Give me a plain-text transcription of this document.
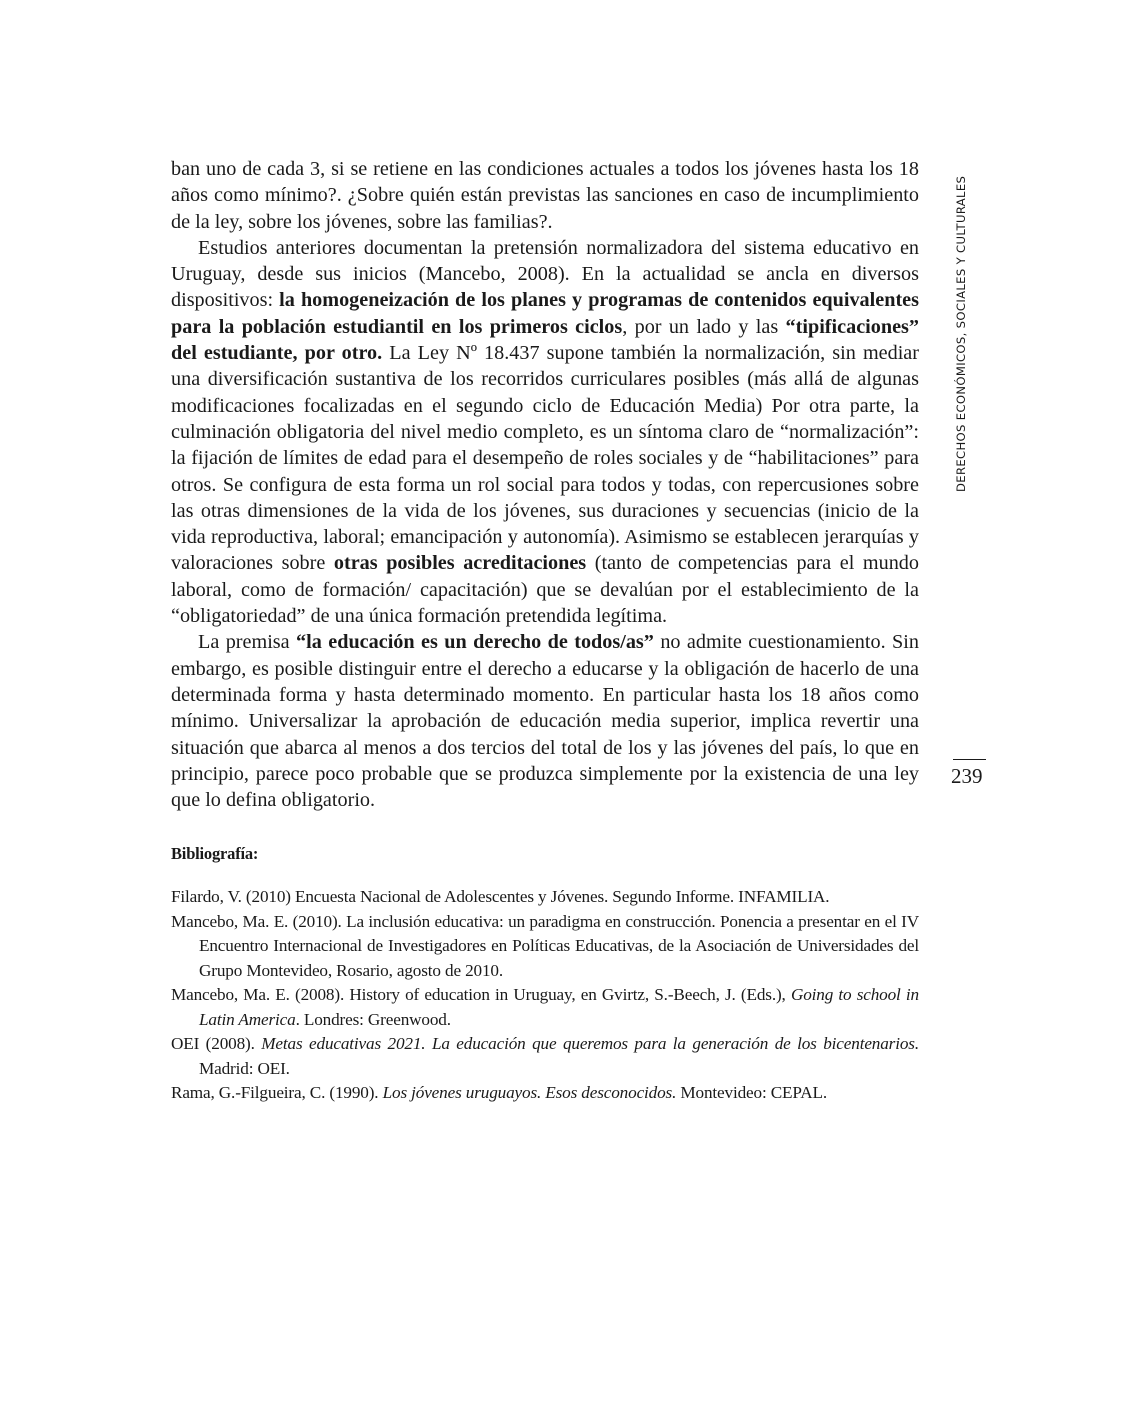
ban uno de cada 3, si se retiene en las condiciones actuales a todos los jóvenes hasta los 18 años como mínimo?. ¿Sobre quién están previstas las sanciones en caso de incumplimiento de la ley, sobre los jóvenes, sobre las familias?.

Estudios anteriores documentan la pretensión normalizadora del sistema educativo en Uruguay, desde sus inicios (Mancebo, 2008). En la actualidad se ancla en diversos dispositivos: la homogeneización de los planes y programas de contenidos equivalentes para la población estudiantil en los primeros ciclos, por un lado y las “tipificaciones” del estudiante, por otro. La Ley Nº 18.437 supone también la normalización, sin mediar una diversificación sustantiva de los recorridos curriculares posibles (más allá de algunas modificaciones focalizadas en el segundo ciclo de Educación Media) Por otra parte, la culminación obligatoria del nivel medio completo, es un síntoma claro de “normalización”: la fijación de límites de edad para el desempeño de roles sociales y de “habilitaciones” para otros. Se configura de esta forma un rol social para todos y todas, con repercusiones sobre las otras dimensiones de la vida de los jóvenes, sus duraciones y secuencias (inicio de la vida reproductiva, laboral; emancipación y autonomía). Asimismo se establecen jerarquías y valoraciones sobre otras posibles acreditaciones (tanto de competencias para el mundo laboral, como de formación/ capacitación) que se devalúan por el establecimiento de la “obligatoriedad” de una única formación pretendida legítima.

La premisa “la educación es un derecho de todos/as” no admite cuestionamiento. Sin embargo, es posible distinguir entre el derecho a educarse y la obligación de hacerlo de una determinada forma y hasta determinado momento. En particular hasta los 18 años como mínimo. Universalizar la aprobación de educación media superior, implica revertir una situación que abarca al menos a dos tercios del total de los y las jóvenes del país, lo que en principio, parece poco probable que se produzca simplemente por la existencia de una ley que lo defina obligatorio.

Bibliografía:
Filardo, V. (2010) Encuesta Nacional de Adolescentes y Jóvenes. Segundo Informe. INFAMILIA.
Mancebo, Ma. E. (2010). La inclusión educativa: un paradigma en construcción. Ponencia a presentar en el IV Encuentro Internacional de Investigadores en Políticas Educativas, de la Asociación de Universidades del Grupo Montevideo, Rosario, agosto de 2010.
Mancebo, Ma. E. (2008). History of education in Uruguay, en Gvirtz, S.-Beech, J. (Eds.), Going to school in Latin America. Londres: Greenwood.
OEI (2008). Metas educativas 2021. La educación que queremos para la generación de los bicentenarios. Madrid: OEI.
Rama, G.-Filgueira, C. (1990). Los jóvenes uruguayos. Esos desconocidos. Montevideo: CEPAL.
DERECHOS ECONÓMICOS, SOCIALES Y CULTURALES
239
